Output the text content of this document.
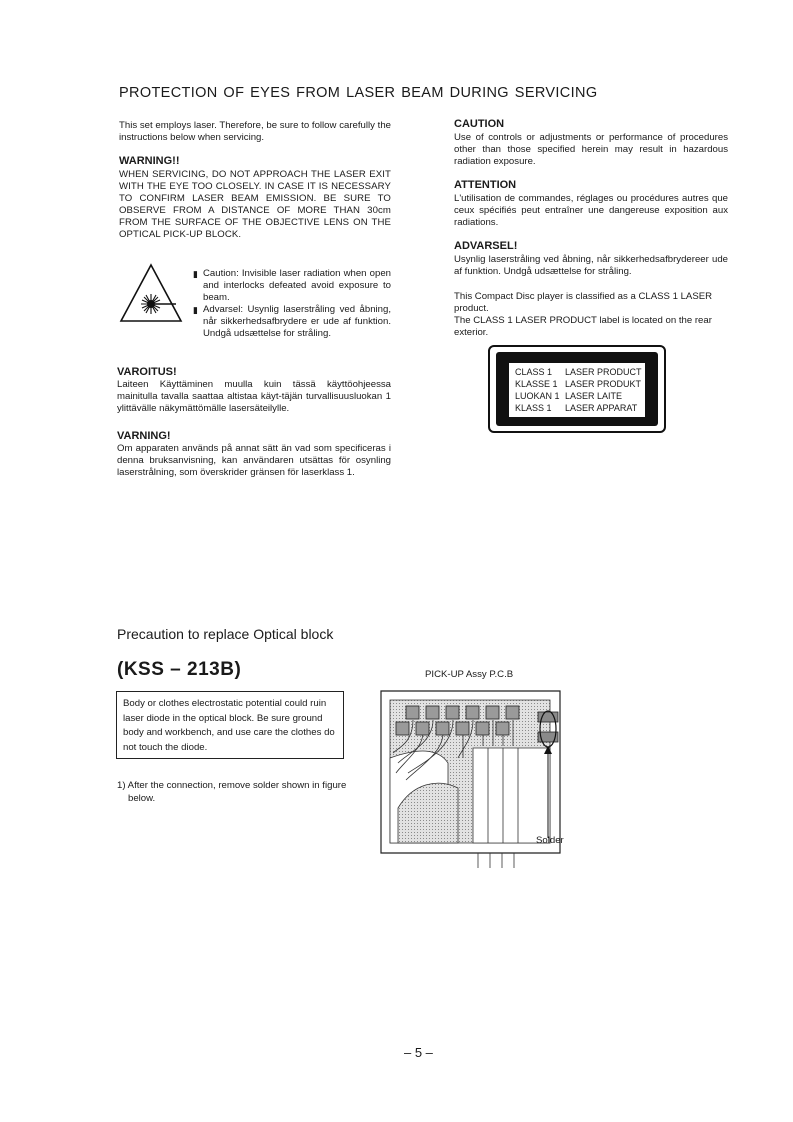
PROTECTION OF EYES FROM LASER BEAM DURING SERVICING

This set employs laser. Therefore, be sure to follow carefully the instructions below when servicing.

WARNING!!

WHEN SERVICING, DO NOT APPROACH THE LASER EXIT
WITH THE EYE TOO CLOSELY. IN CASE IT IS NECESSARY
TO CONFIRM LASER BEAM EMISSION. BE SURE TO
OBSERVE FROM A DISTANCE OF MORE THAN 30cm
FROM THE SURFACE OF THE OBJECTIVE LENS ON THE
OPTICAL PICK-UP BLOCK.
▮ Caution: Invisible laser radiation when open and interlocks defeated avoid exposure to beam.
▮ Advarsel: Usynlig laserstråling ved åbning, når sikkerhedsafbrydere er ude af funktion. Undgå udsættelse for stråling.

VAROITUS!

Laiteen Käyttäminen muulla kuin tässä käyttöohjeessa mainitulla tavalla saattaa altistaa käyt-täjän turvallisuusluokan 1 ylittävälle näkymättömälle lasersäteilylle.

VARNING!

Om apparaten används på annat sätt än vad som specificeras i denna bruksanvisning, kan användaren utsättas för osynling laserstrålning, som överskrider gränsen för laserklass 1.

CAUTION

Use of controls or adjustments or performance of procedures other than those specified herein may result in hazardous radiation exposure.

ATTENTION

L'utilisation de commandes, réglages ou procédures autres que ceux spécifiés peut entraîner une dangereuse exposition aux radiations.

ADVARSEL!

Usynlig laserstråling ved åbning, når sikkerhedsafbrydereer ude af funktion. Undgå udsættelse for stråling.

This Compact Disc player is classified as a CLASS 1 LASER product.

The CLASS 1 LASER PRODUCT label is located on the rear exterior.

CLASS 1	LASER PRODUCT
KLASSE 1 LASER PRODUKT
LUOKAN 1 LASER LAITE
KLASS 1	LASER APPARAT
Precaution to replace Optical block
(KSS – 213B)
Body or clothes electrostatic potential could ruin laser diode in the optical block. Be sure ground body and workbench, and use care the clothes do not touch the diode.

1) After the connection, remove solder shown in figure below.

PICK-UP Assy P.C.B
Solder
– 5 –
